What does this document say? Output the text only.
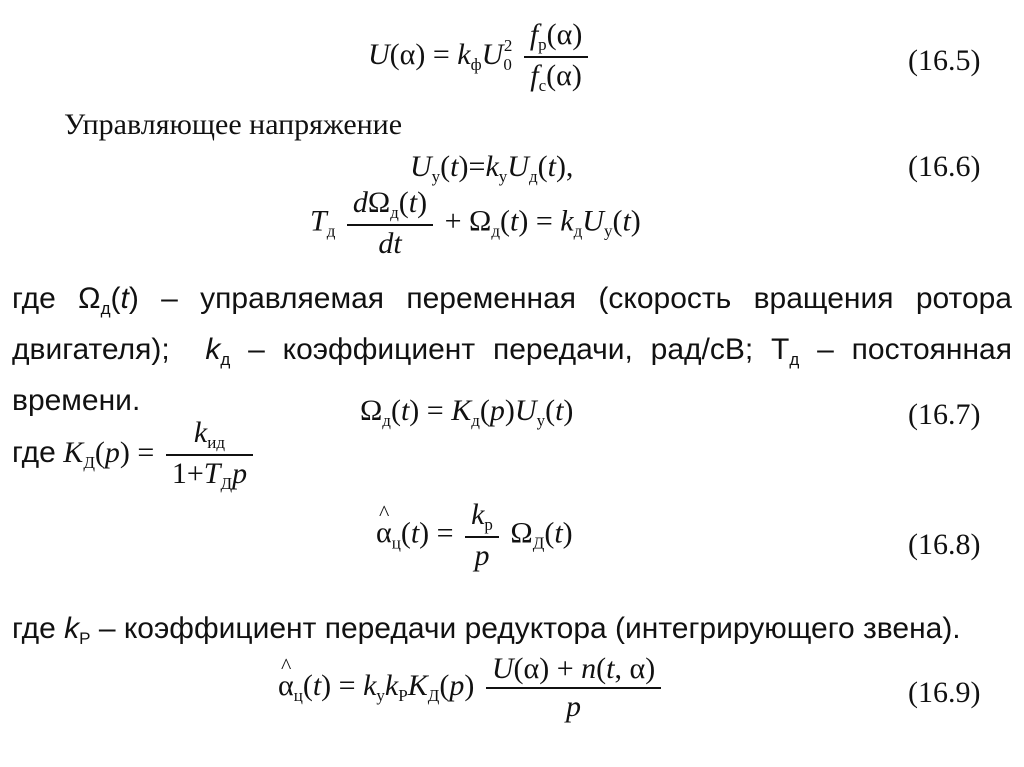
$U(\alpha) = k_фU_0^2 \frac{f_р(\alpha)}{f_с(\alpha)}$	(16.5)
Управляющее напряжение
$U_у(t)=k_уU_д(t)$,	(16.6)
$T_д \frac{d\Omega_д(t)}{dt} + \Omega_д(t) = k_дU_у(t)$
где $\Omega_д(t)$ – управляемая переменная (скорость вращения ротора двигателя); $k_д$ – коэффициент передачи, рад/сВ; $Т_д$ – постоянная времени.	$\Omega_д(t) = K_д(p)U_у(t)$	(16.7)
где $K_Д(p) = \frac{k_{ид}}{1+T_Дp}$
^ $\alpha_ц(t) = \frac{k_p}{p} \Omega_Д(t)$	(16.8)
где $k_Р$ – коэффициент передачи редуктора (интегрирующего звена).
^ $\alpha_ц(t) = k_уk_РK_Д(p) \frac{U(\alpha) + n(t, \alpha)}{p}$	(16.9)
